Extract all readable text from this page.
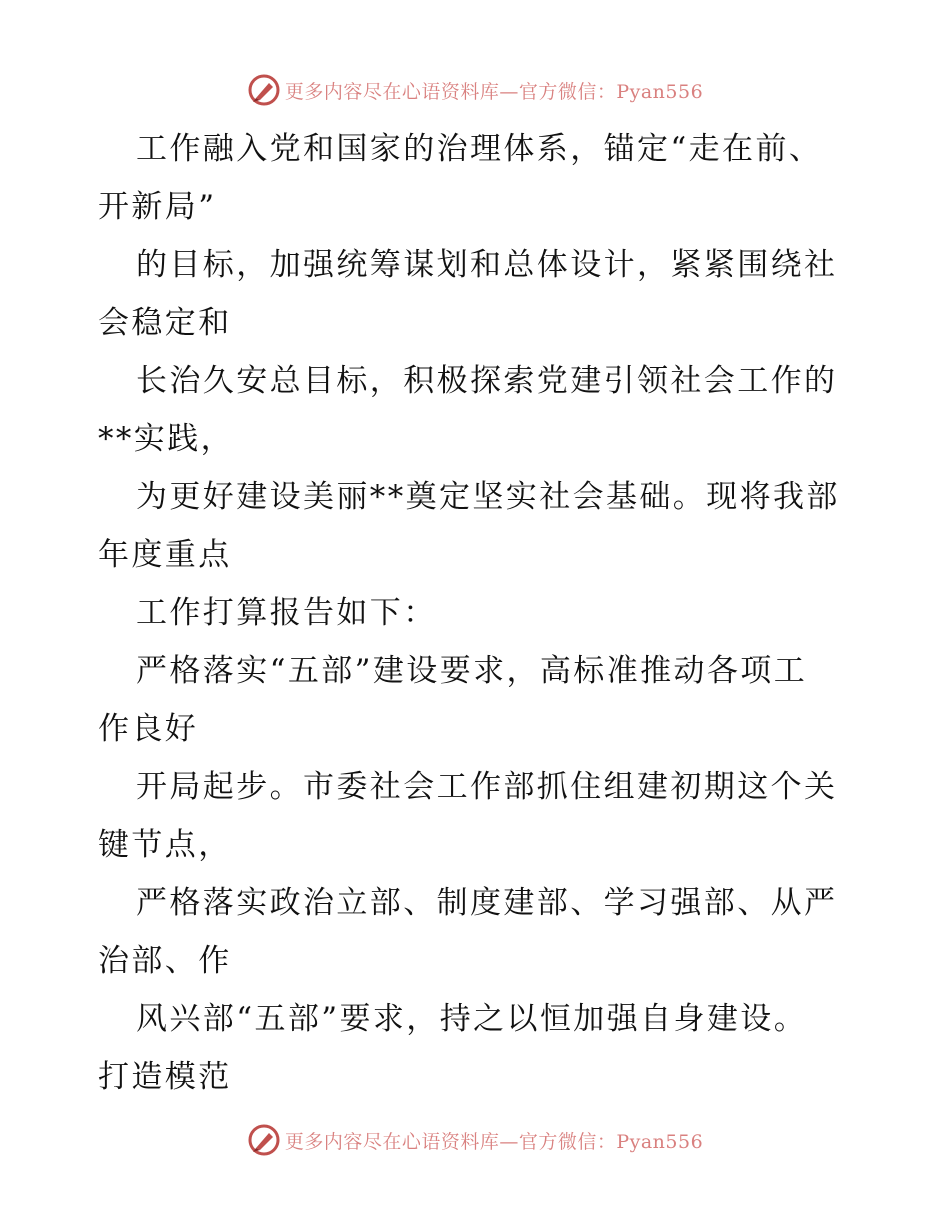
更多内容尽在心语资料库—官方微信：Pyan556
工作融入党和国家的治理体系，锚定“走在前、
开新局”
的目标，加强统筹谋划和总体设计，紧紧围绕社
会稳定和
长治久安总目标，积极探索党建引领社会工作的
**实践，
为更好建设美丽**奠定坚实社会基础。现将我部
年度重点
工作打算报告如下：
严格落实“五部”建设要求，高标准推动各项工
作良好
开局起步。市委社会工作部抓住组建初期这个关
键节点，
严格落实政治立部、制度建部、学习强部、从严
治部、作
风兴部“五部”要求，持之以恒加强自身建设。
打造模范
更多内容尽在心语资料库—官方微信：Pyan556
